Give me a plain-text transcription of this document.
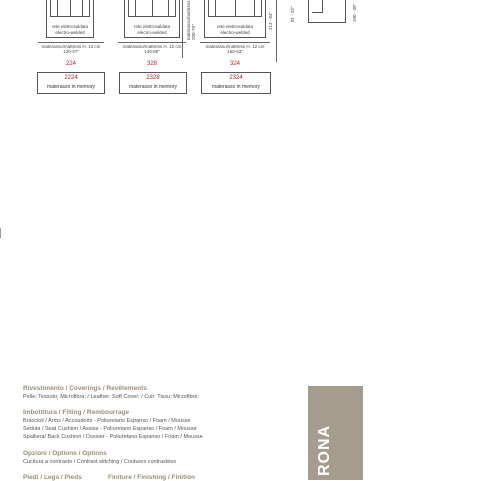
rete elettrosaldata
electro-welded
materasso/mattress H. 12 cm
120-47"
224
2224
materasso in memory
rete elettrosaldata
electro-welded
materasso/mattress H. 12 cm
140-55"
328
2328
materasso in memory
rete elettrosaldata
electro-welded
materasso/mattress H. 12 cm
160-63"
324
2324
materasso in memory
materasso/mattress
200-79"
213 - 84"	81 - 32"	100 - 39"
Rivestimento / Coverings / Revêtements
Pelle; Tessuto; Microfibra; / Leather; Soft Cover; / Cuir; Tissu; Microfibre;
Imbottitura / Filling / Rembourrage
Braccioli / Arms / Accoudoirs - Poliuretano Espanso / Foam / Mousse
Seduta / Seat Cushion / Assise - Poliuretano Espanso / Foam / Mousse
Spalliera/ Back Cushion / Dossier - Poliuretano Espanso / Foam / Mousse
Opzioni / Options / Options
Cucitura a contrasto / Contrast stitching / Coutures contrastées
Piedi / Legs / Pieds	Finiture / Finishing / Finition
RONA
